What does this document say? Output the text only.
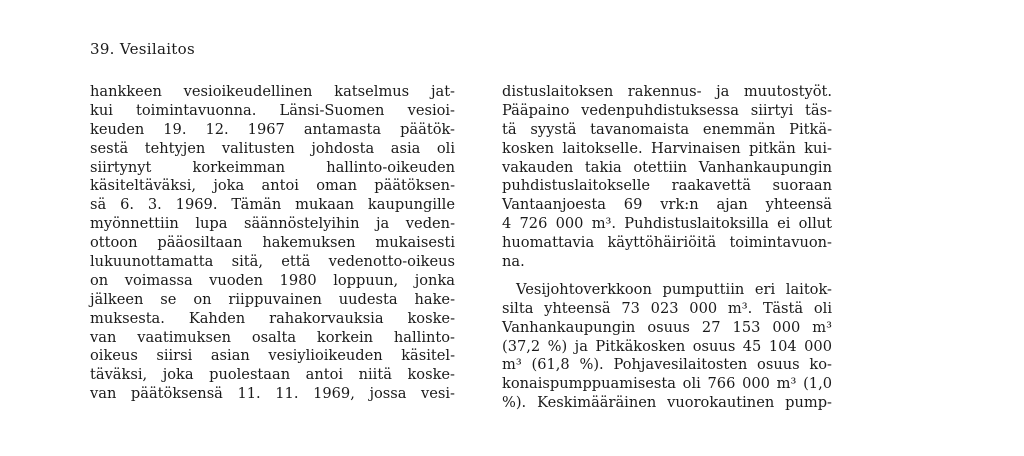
39. Vesilaitos
hankkeen vesioikeudellinen katselmus jat-
kui toimintavuonna. Länsi-Suomen vesioi-
keuden 19. 12. 1967 antamasta päätök-
sestä tehtyjen valitusten johdosta asia oli
siirtynyt korkeimman hallinto-oikeuden
käsiteltäväksi, joka antoi oman päätöksen-
sä 6. 3. 1969. Tämän mukaan kaupungille
myönnettiin lupa säännöstelyihin ja veden-
ottoon pääosiltaan hakemuksen mukaisesti
lukuunottamatta sitä, että vedenotto-oikeus
on voimassa vuoden 1980 loppuun, jonka
jälkeen se on riippuvainen uudesta hake-
muksesta. Kahden rahakorvauksia koske-
van vaatimuksen osalta korkein hallinto-
oikeus siirsi asian vesiylioikeuden käsitel-
täväksi, joka puolestaan antoi niitä koske-
van päätöksensä 11. 11. 1969, jossa vesi-
distuslaitoksen rakennus- ja muutostyöt.
Pääpaino vedenpuhdistuksessa siirtyi täs-
tä syystä tavanomaista enemmän Pitkä-
kosken laitokselle. Harvinaisen pitkän kui-
vakauden takia otettiin Vanhankaupungin
puhdistuslaitokselle raakavettä suoraan
Vantaanjoesta 69 vrk:n ajan yhteensä
4 726 000 m³. Puhdistuslaitoksilla ei ollut
huomattavia käyttöhäiriöitä toimintavuon-
na.
Vesijohtoverkkoon pumputtiin eri laitok-
silta yhteensä 73 023 000 m³. Tästä oli
Vanhankaupungin osuus 27 153 000 m³
(37,2 %) ja Pitkäkosken osuus 45 104 000
m³ (61,8 %). Pohjavesilaitosten osuus ko-
konaispumppuamisesta oli 766 000 m³ (1,0
%). Keskimääräinen vuorokautinen pump-
